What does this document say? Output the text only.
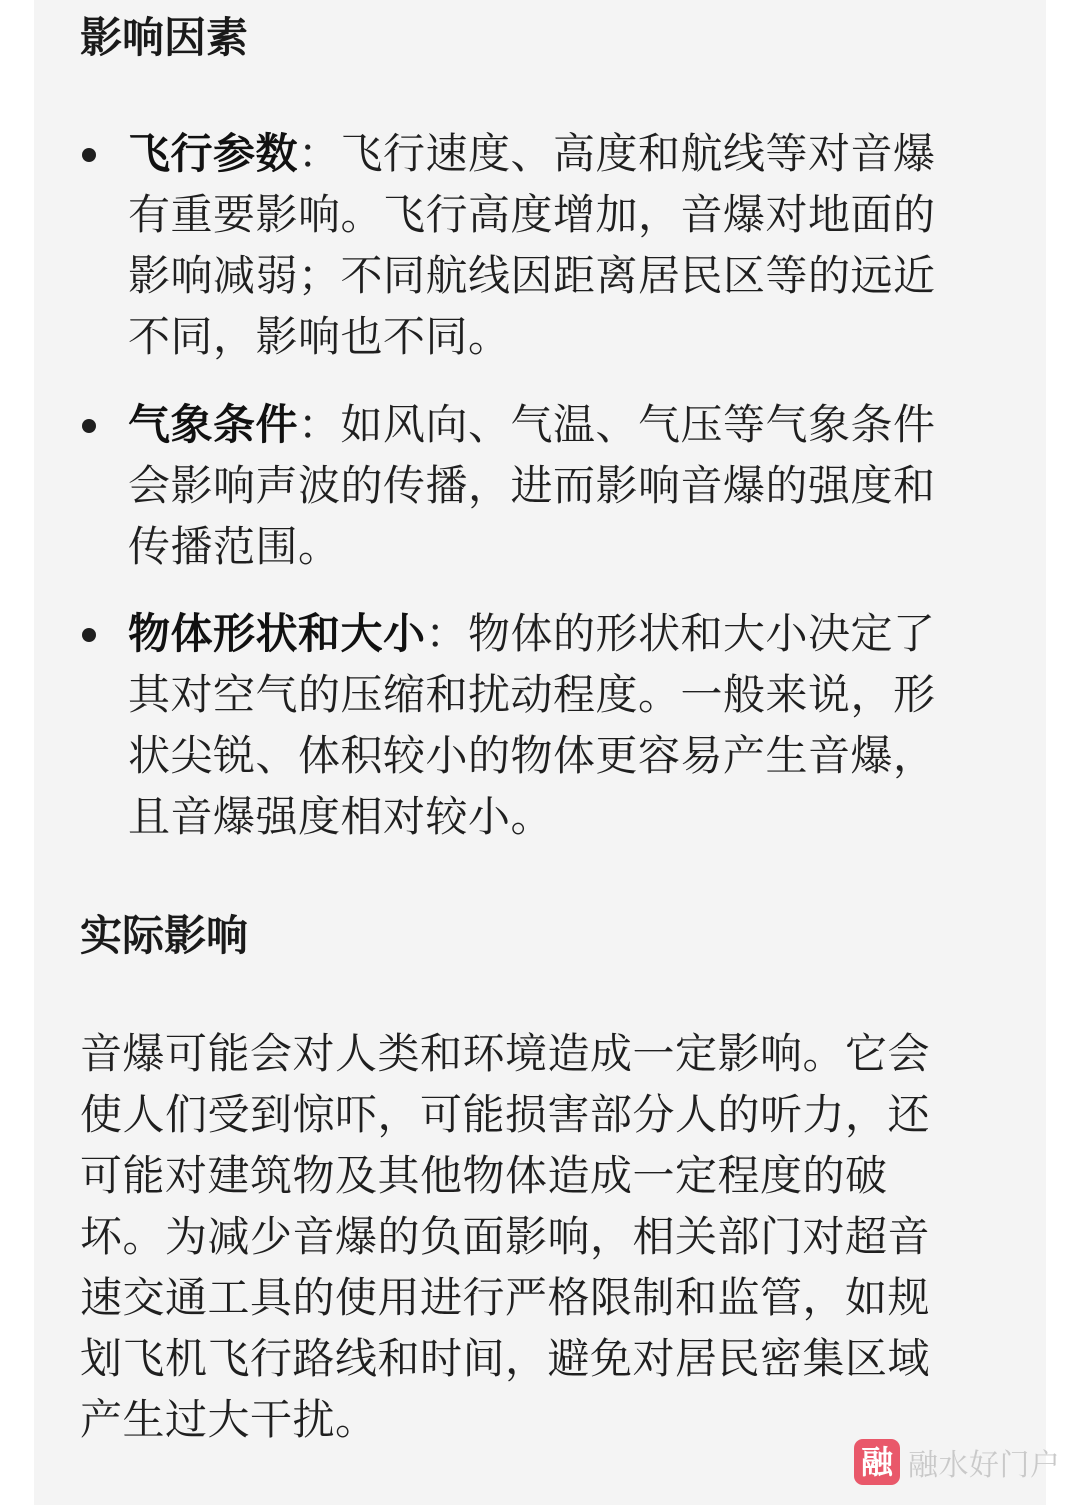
影响因素
飞行参数：飞行速度、高度和航线等对音爆有重要影响。飞行高度增加，音爆对地面的影响减弱；不同航线因距离居民区等的远近不同，影响也不同。
气象条件：如风向、气温、气压等气象条件会影响声波的传播，进而影响音爆的强度和传播范围。
物体形状和大小：物体的形状和大小决定了其对空气的压缩和扰动程度。一般来说，形状尖锐、体积较小的物体更容易产生音爆，且音爆强度相对较小。
实际影响

音爆可能会对人类和环境造成一定影响。它会使人们受到惊吓，可能损害部分人的听力，还可能对建筑物及其他物体造成一定程度的破坏。为减少音爆的负面影响，相关部门对超音速交通工具的使用进行严格限制和监管，如规划飞机飞行路线和时间，避免对居民密集区域产生过大干扰。

融 融水好门户
